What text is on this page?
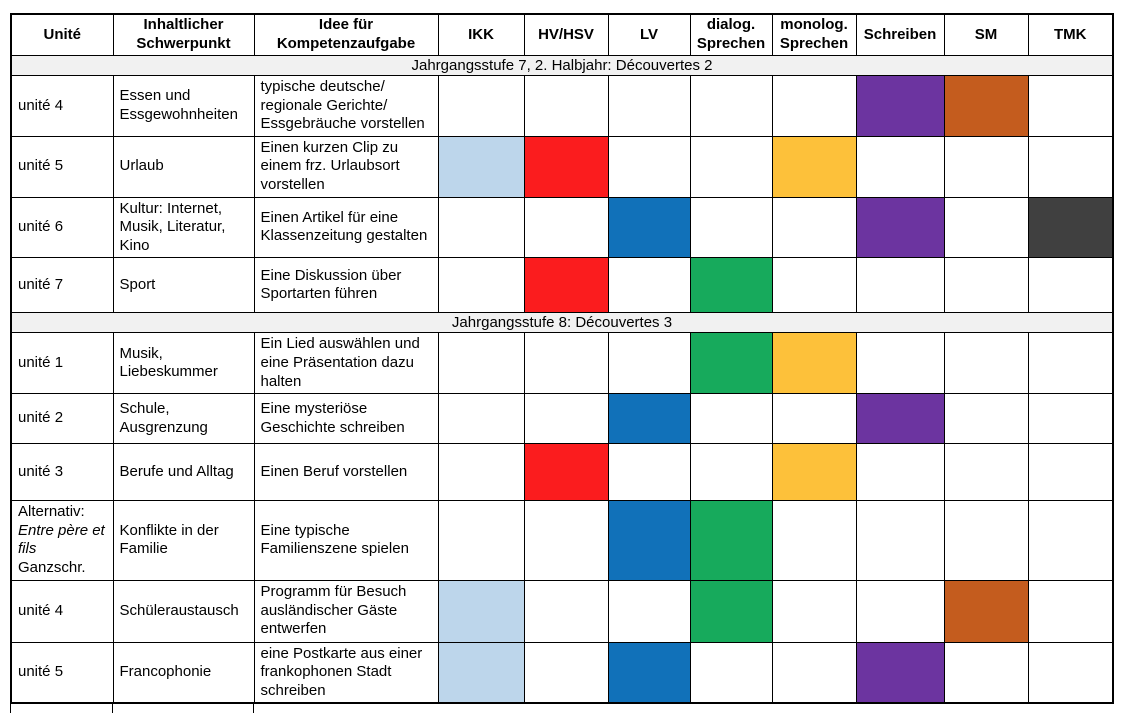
Unité	Inhaltlicher Schwerpunkt	Idee für Kompetenzaufgabe	IKK	HV/HSV	LV	dialog. Sprechen	monolog. Sprechen	Schreiben	SM	TMK
Jahrgangsstufe 7, 2. Halbjahr: Découvertes 2										
unité 4	Essen und Essgewohnheiten	typische deutsche/ regionale Gerichte/ Essgebräuche vorstellen								
unité 5	Urlaub	Einen kurzen Clip zu einem frz. Urlaubsort vorstellen								
unité 6	Kultur: Internet, Musik, Literatur, Kino	Einen Artikel für eine Klassenzeitung gestalten								
unité 7	Sport	Eine Diskussion über Sportarten führen								
Jahrgangsstufe 8: Découvertes 3										
unité 1	Musik, Liebeskummer	Ein Lied auswählen und eine Präsentation dazu halten								
unité 2	Schule, Ausgrenzung	Eine mysteriöse Geschichte schreiben								
unité 3	Berufe und Alltag	Einen Beruf vorstellen								
Alternativ: Entre père et fils Ganzschr.	Konflikte in der Familie	Eine typische Familienszene spielen								
unité 4	Schüleraustausch	Programm für Besuch ausländischer Gäste entwerfen								
unité 5	Francophonie	eine Postkarte aus einer frankophonen Stadt schreiben								
